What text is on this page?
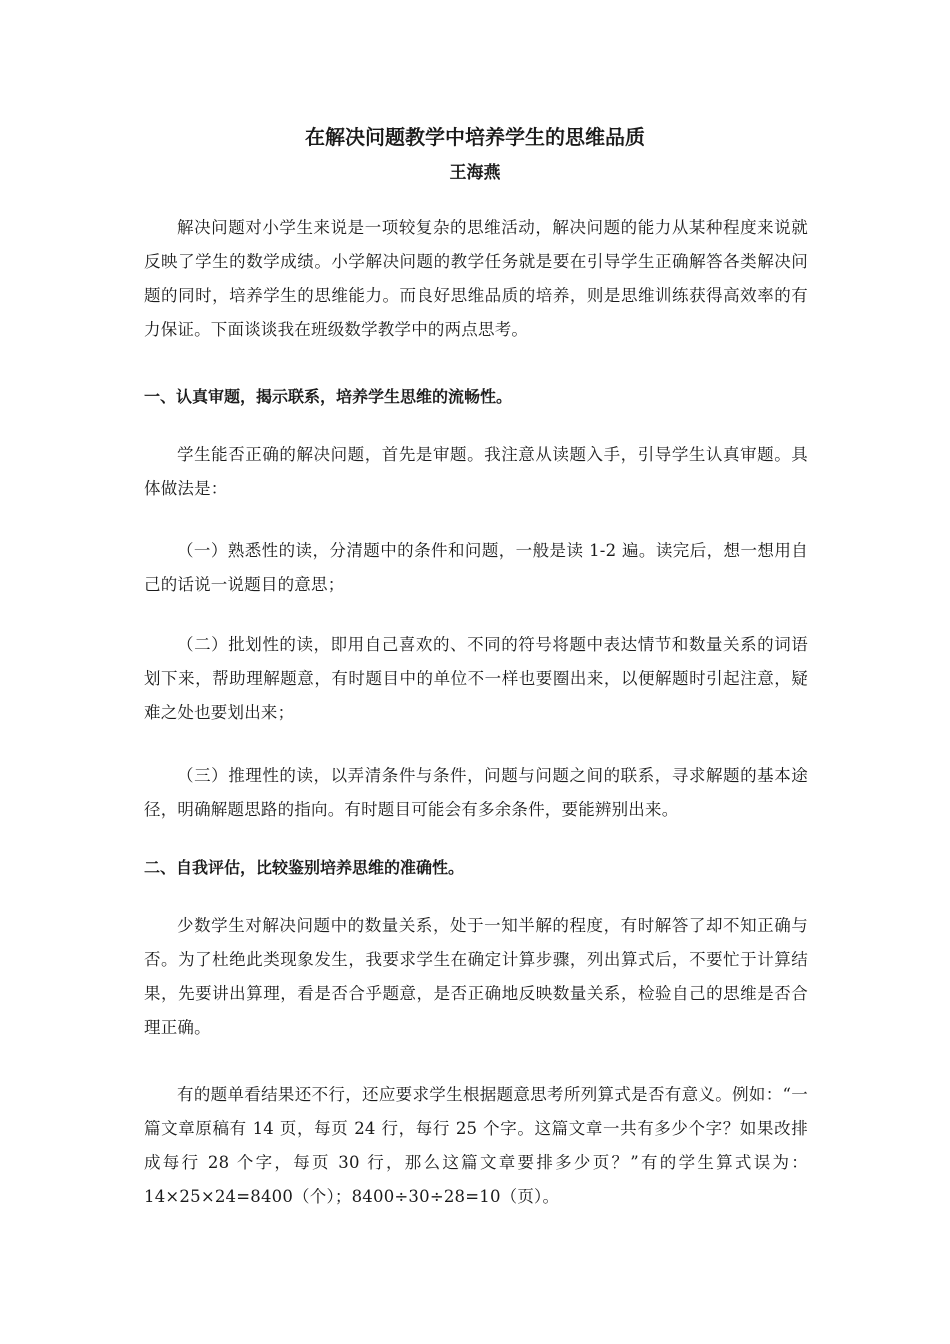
在解决问题教学中培养学生的思维品质
王海燕

解决问题对小学生来说是一项较复杂的思维活动，解决问题的能力从某种程度来说就反映了学生的数学成绩。小学解决问题的教学任务就是要在引导学生正确解答各类解决问题的同时，培养学生的思维能力。而良好思维品质的培养，则是思维训练获得高效率的有力保证。下面谈谈我在班级数学教学中的两点思考。

一、认真审题，揭示联系，培养学生思维的流畅性。

学生能否正确的解决问题，首先是审题。我注意从读题入手，引导学生认真审题。具体做法是：

（一）熟悉性的读，分清题中的条件和问题，一般是读 1-2 遍。读完后，想一想用自己的话说一说题目的意思；

（二）批划性的读，即用自己喜欢的、不同的符号将题中表达情节和数量关系的词语划下来，帮助理解题意，有时题目中的单位不一样也要圈出来，以便解题时引起注意，疑难之处也要划出来；

（三）推理性的读，以弄清条件与条件，问题与问题之间的联系，寻求解题的基本途径，明确解题思路的指向。有时题目可能会有多余条件，要能辨别出来。

二、自我评估，比较鉴别培养思维的准确性。

少数学生对解决问题中的数量关系，处于一知半解的程度，有时解答了却不知正确与否。为了杜绝此类现象发生，我要求学生在确定计算步骤，列出算式后，不要忙于计算结果，先要讲出算理，看是否合乎题意，是否正确地反映数量关系，检验自己的思维是否合理正确。

有的题单看结果还不行，还应要求学生根据题意思考所列算式是否有意义。例如：“一篇文章原稿有 14 页，每页 24 行，每行 25 个字。这篇文章一共有多少个字？如果改排成每行 28 个字，每页 30 行，那么这篇文章要排多少页？”有的学生算式误为：14×25×24=8400（个）；8400÷30÷28=10（页）。
